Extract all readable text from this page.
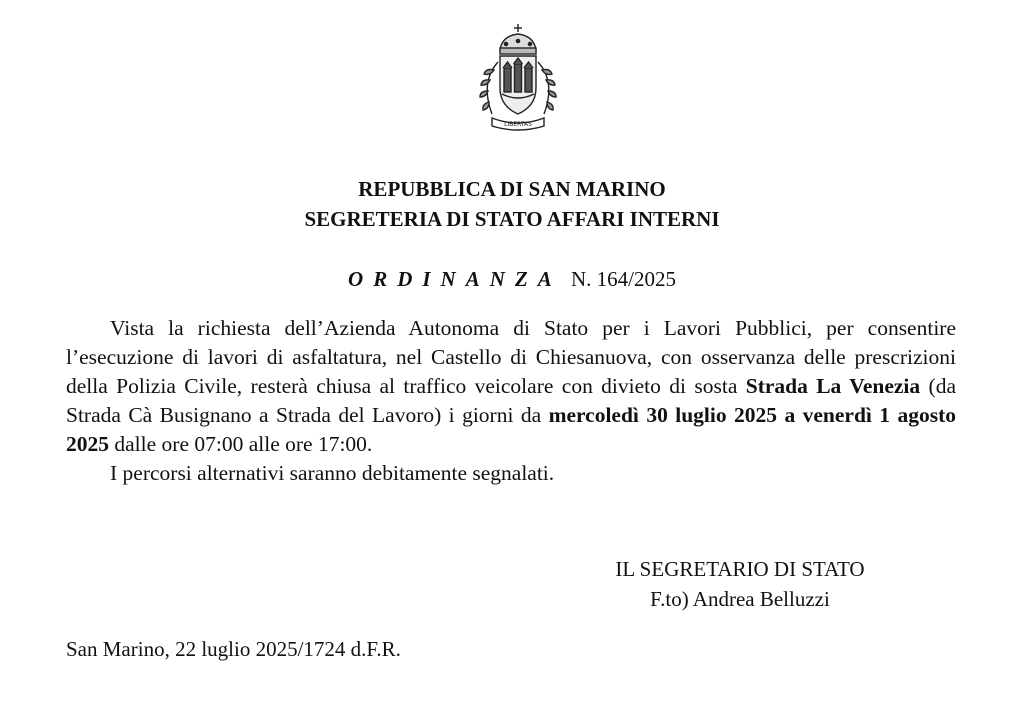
LIBERTAS
REPUBBLICA DI SAN MARINO
SEGRETERIA DI STATO AFFARI INTERNI
ORDINANZA N. 164/2025

Vista la richiesta dell’Azienda Autonoma di Stato per i Lavori Pubblici, per consentire l’esecuzione di lavori di asfaltatura, nel Castello di Chiesanuova, con osservanza delle prescrizioni della Polizia Civile, resterà chiusa al traffico veicolare con divieto di sosta Strada La Venezia (da Strada Cà Busignano a Strada del Lavoro) i giorni da mercoledì 30 luglio 2025 a venerdì 1 agosto 2025 dalle ore 07:00 alle ore 17:00.

I percorsi alternativi saranno debitamente segnalati.

IL SEGRETARIO DI STATO
F.to) Andrea Belluzzi
San Marino, 22 luglio 2025/1724 d.F.R.
